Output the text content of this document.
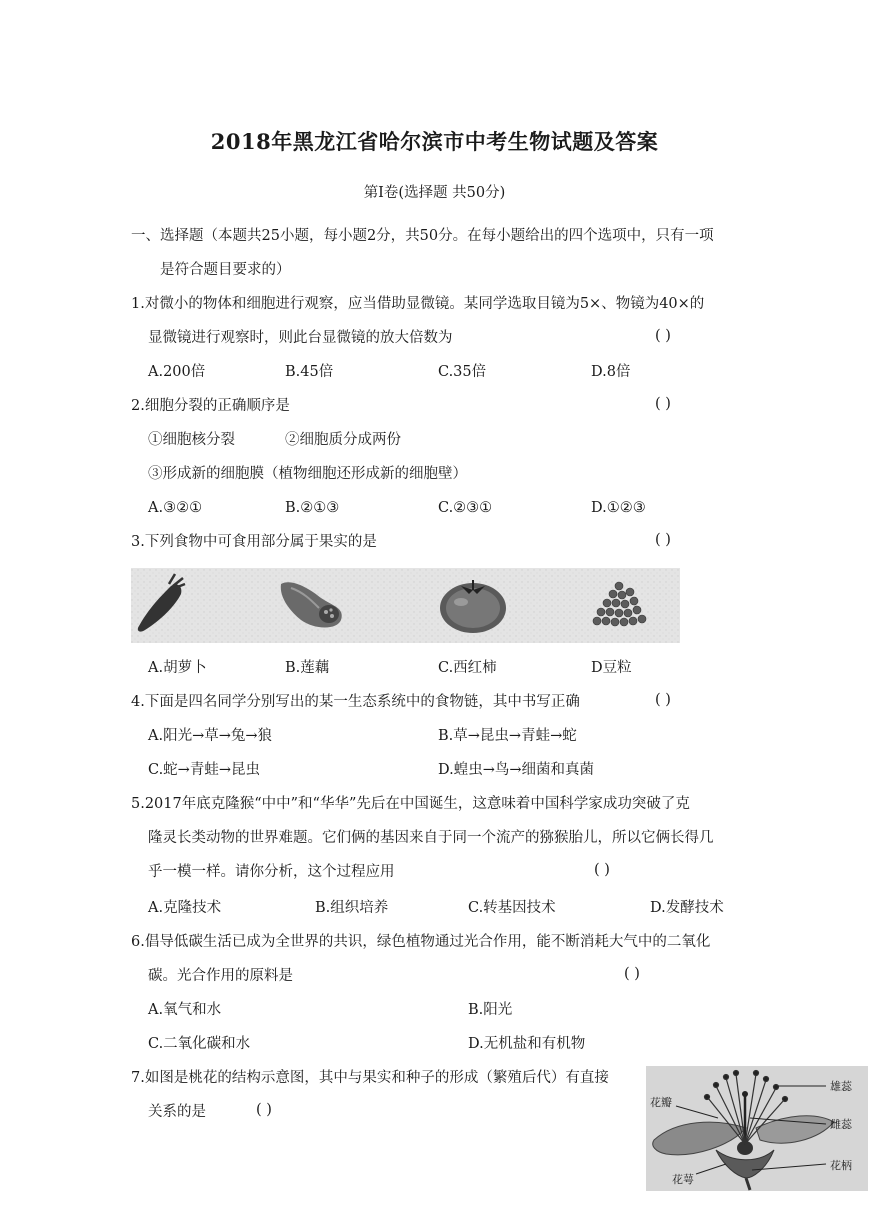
2018年黑龙江省哈尔滨市中考生物试题及答案
第Ⅰ卷(选择题 共50分)
一、选择题（本题共25小题，每小题2分，共50分。在每小题给出的四个选项中，只有一项
是符合题目要求的）
1.对微小的物体和细胞进行观察，应当借助显微镜。某同学选取目镜为5×、物镜为40×的
显微镜进行观察时，则此台显微镜的放大倍数为	( )
A.200倍	B.45倍	C.35倍	D.8倍
2.细胞分裂的正确顺序是	( )
①细胞核分裂	②细胞质分成两份
③形成新的细胞膜（植物细胞还形成新的细胞壁）
A.③②①	B.②①③	C.②③①	D.①②③
3.下列食物中可食用部分属于果实的是	( )
A.胡萝卜	B.莲藕	C.西红柿	D豆粒
4.下面是四名同学分别写出的某一生态系统中的食物链，其中书写正确	( )
A.阳光→草→兔→狼	B.草→昆虫→青蛙→蛇
C.蛇→青蛙→昆虫	D.蝗虫→鸟→细菌和真菌
5.2017年底克隆猴“中中”和“华华”先后在中国诞生，这意味着中国科学家成功突破了克
隆灵长类动物的世界难题。它们俩的基因来自于同一个流产的猕猴胎儿，所以它俩长得几
乎一模一样。请你分析，这个过程应用	( )
A.克隆技术	B.组织培养	C.转基因技术	D.发酵技术
6.倡导低碳生活已成为全世界的共识，绿色植物通过光合作用，能不断消耗大气中的二氧化
碳。光合作用的原料是	( )
A.氧气和水	B.阳光
C.二氧化碳和水	D.无机盐和有机物
7.如图是桃花的结构示意图，其中与果实和种子的形成（繁殖后代）有直接
关系的是	( )
雄蕊
花瓣
雌蕊
花柄
花萼
